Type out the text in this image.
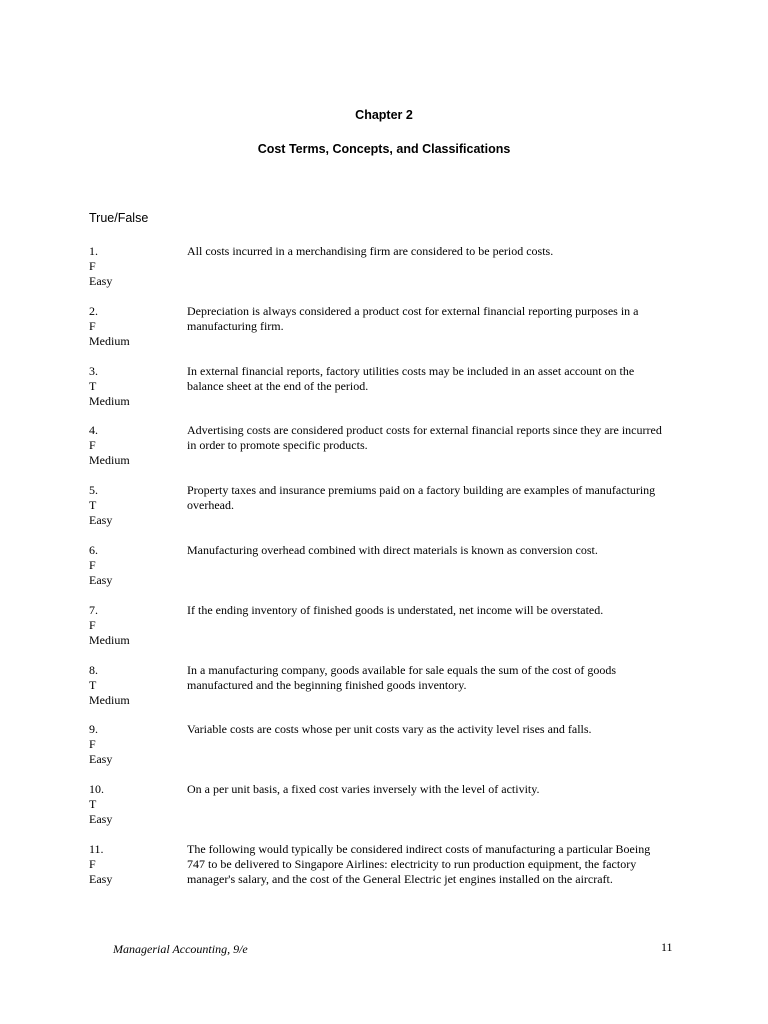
Chapter 2
Cost Terms, Concepts, and Classifications
True/False
1.
F
Easy
All costs incurred in a merchandising firm are considered to be period costs.
2.
F
Medium
Depreciation is always considered a product cost for external financial reporting purposes in a manufacturing firm.
3.
T
Medium
In external financial reports, factory utilities costs may be included in an asset account on the balance sheet at the end of the period.
4.
F
Medium
Advertising costs are considered product costs for external financial reports since they are incurred in order to promote specific products.
5.
T
Easy
Property taxes and insurance premiums paid on a factory building are examples of manufacturing overhead.
6.
F
Easy
Manufacturing overhead combined with direct materials is known as conversion cost.
7.
F
Medium
If the ending inventory of finished goods is understated, net income will be overstated.
8.
T
Medium
In a manufacturing company, goods available for sale equals the sum of the cost of goods manufactured and the beginning finished goods inventory.
9.
F
Easy
Variable costs are costs whose per unit costs vary as the activity level rises and falls.
10.
T
Easy
On a per unit basis, a fixed cost varies inversely with the level of activity.
11.
F
Easy
The following would typically be considered indirect costs of manufacturing a particular Boeing 747 to be delivered to Singapore Airlines: electricity to run production equipment, the factory manager's salary, and the cost of the General Electric jet engines installed on the aircraft.
Managerial Accounting, 9/e	11
